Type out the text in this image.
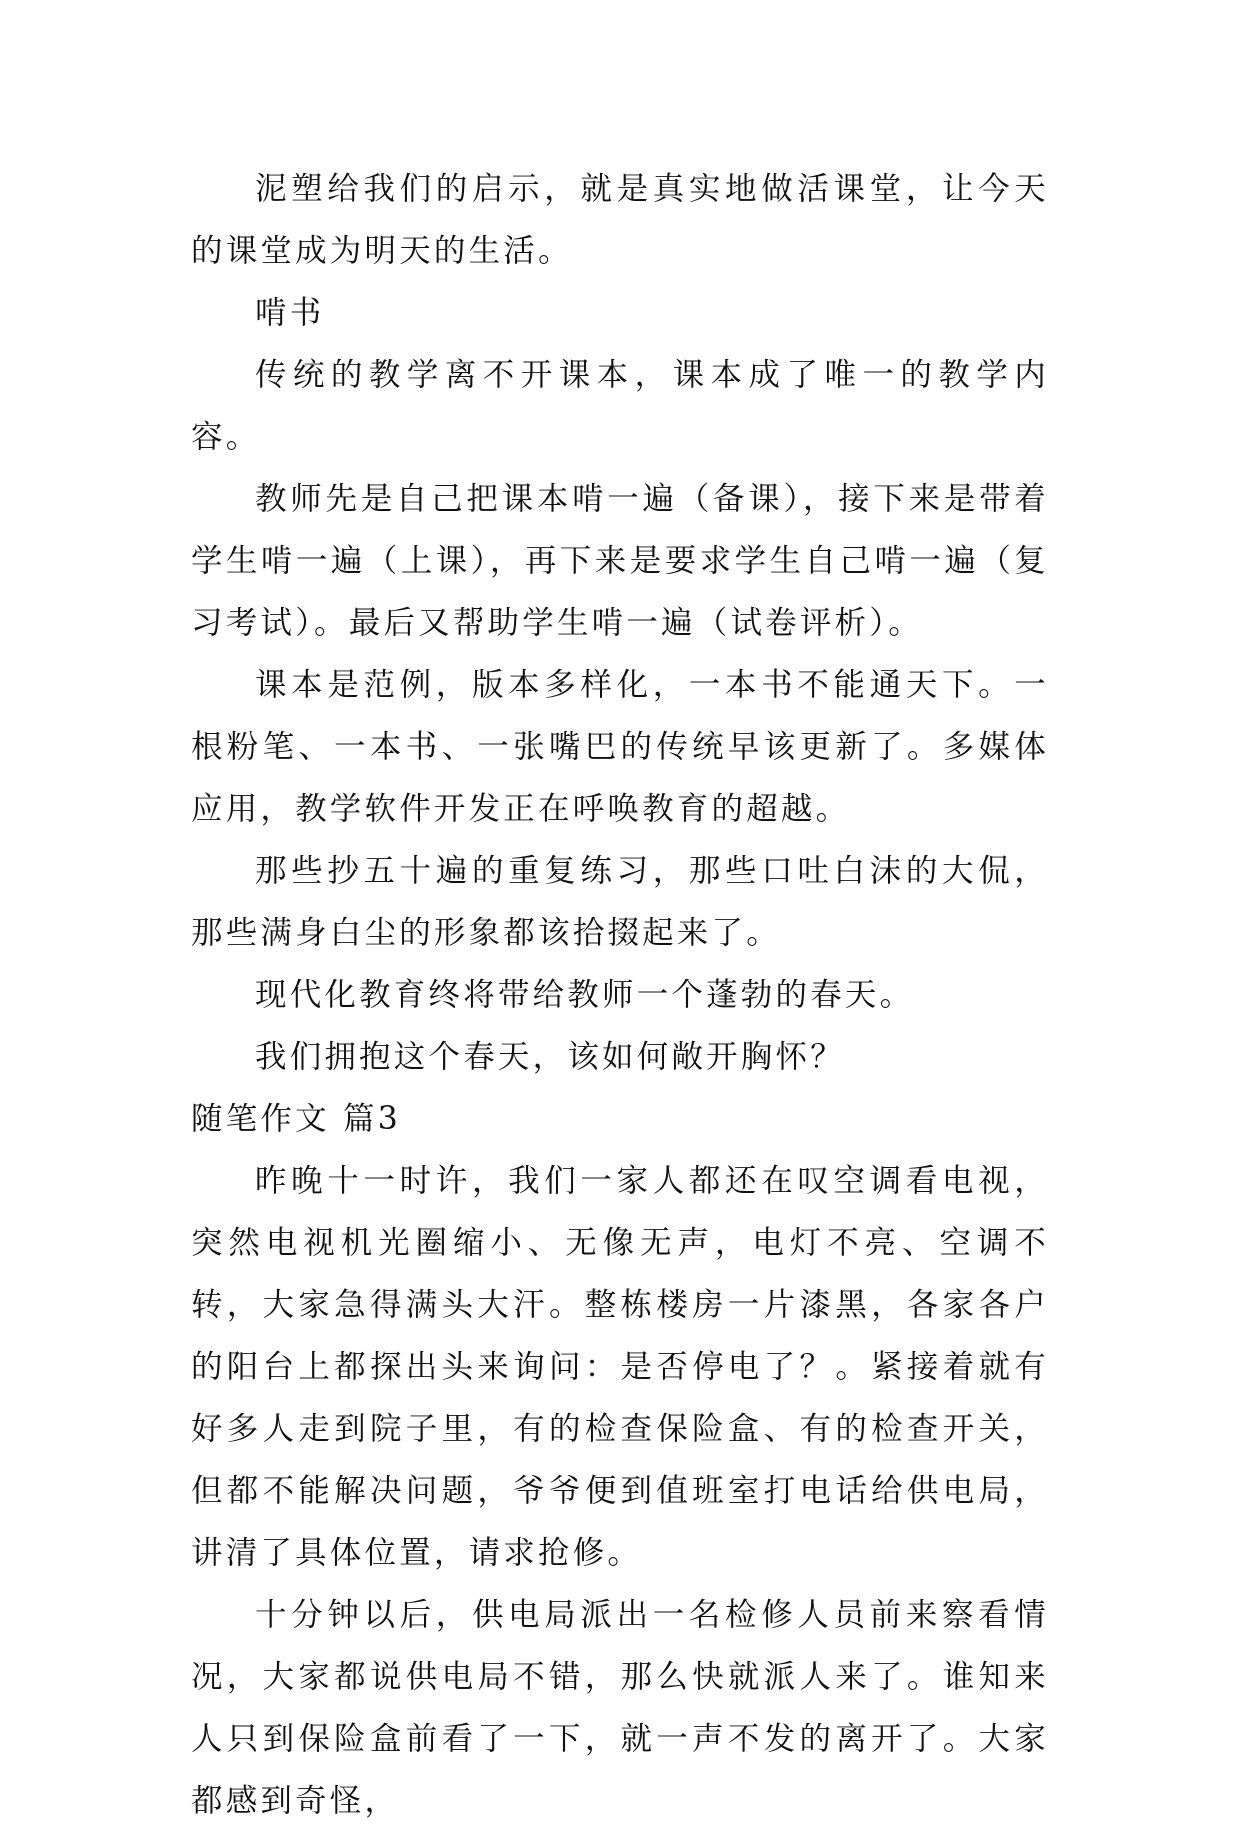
泥塑给我们的启示，就是真实地做活课堂，让今天的课堂成为明天的生活。

啃书

传统的教学离不开课本，课本成了唯一的教学内容。

教师先是自己把课本啃一遍（备课），接下来是带着学生啃一遍（上课），再下来是要求学生自己啃一遍（复习考试）。最后又帮助学生啃一遍（试卷评析）。

课本是范例，版本多样化，一本书不能通天下。一根粉笔、一本书、一张嘴巴的传统早该更新了。多媒体应用，教学软件开发正在呼唤教育的超越。

那些抄五十遍的重复练习，那些口吐白沫的大侃，那些满身白尘的形象都该拾掇起来了。

现代化教育终将带给教师一个蓬勃的春天。

我们拥抱这个春天，该如何敞开胸怀？

随笔作文 篇3

昨晚十一时许，我们一家人都还在叹空调看电视，突然电视机光圈缩小、无像无声，电灯不亮、空调不转，大家急得满头大汗。整栋楼房一片漆黑，各家各户的阳台上都探出头来询问：是否停电了？。紧接着就有好多人走到院子里，有的检查保险盒、有的检查开关，但都不能解决问题，爷爷便到值班室打电话给供电局，讲清了具体位置，请求抢修。

十分钟以后，供电局派出一名检修人员前来察看情况，大家都说供电局不错，那么快就派人来了。谁知来人只到保险盒前看了一下，就一声不发的离开了。大家都感到奇怪，
